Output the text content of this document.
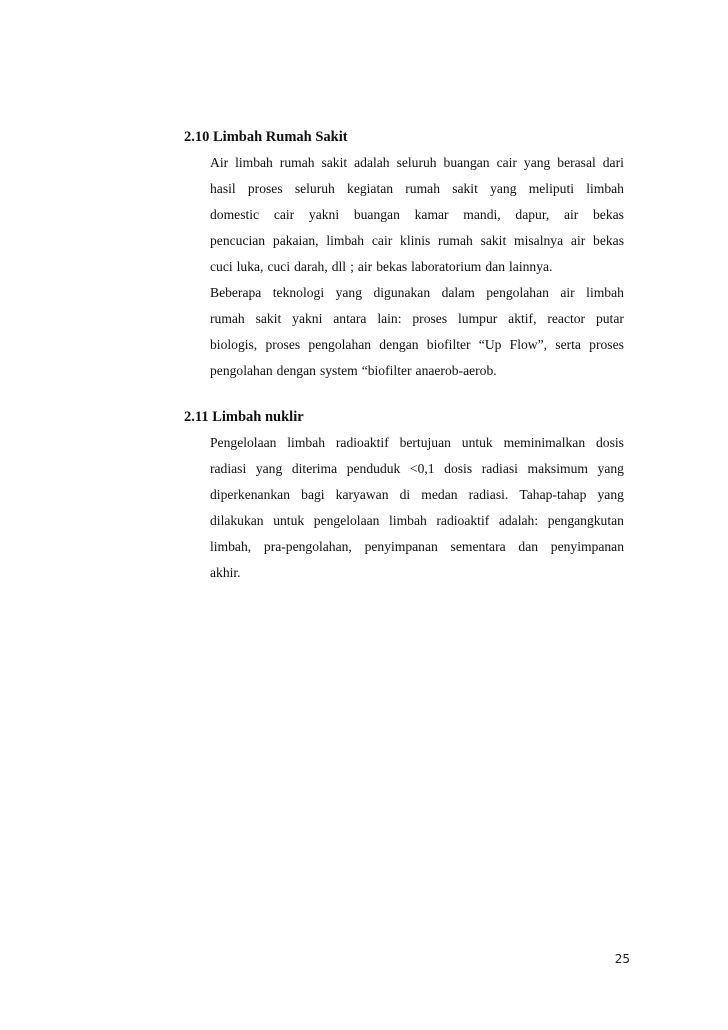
2.10 Limbah Rumah Sakit
Air limbah rumah sakit adalah seluruh buangan cair yang berasal dari
hasil proses seluruh kegiatan rumah sakit yang meliputi limbah
domestic cair yakni buangan kamar mandi, dapur, air bekas
pencucian pakaian, limbah cair klinis rumah sakit misalnya air bekas
cuci luka, cuci darah, dll ; air bekas laboratorium dan lainnya.
Beberapa teknologi yang digunakan dalam pengolahan air limbah
rumah sakit yakni antara lain: proses lumpur aktif, reactor putar
biologis, proses pengolahan dengan biofilter “Up Flow”, serta proses
pengolahan dengan system “biofilter anaerob-aerob.
2.11 Limbah nuklir
Pengelolaan limbah radioaktif bertujuan untuk meminimalkan dosis
radiasi yang diterima penduduk <0,1 dosis radiasi maksimum yang
diperkenankan bagi karyawan di medan radiasi. Tahap-tahap yang
dilakukan untuk pengelolaan limbah radioaktif adalah: pengangkutan
limbah, pra-pengolahan, penyimpanan sementara dan penyimpanan
akhir.
25
